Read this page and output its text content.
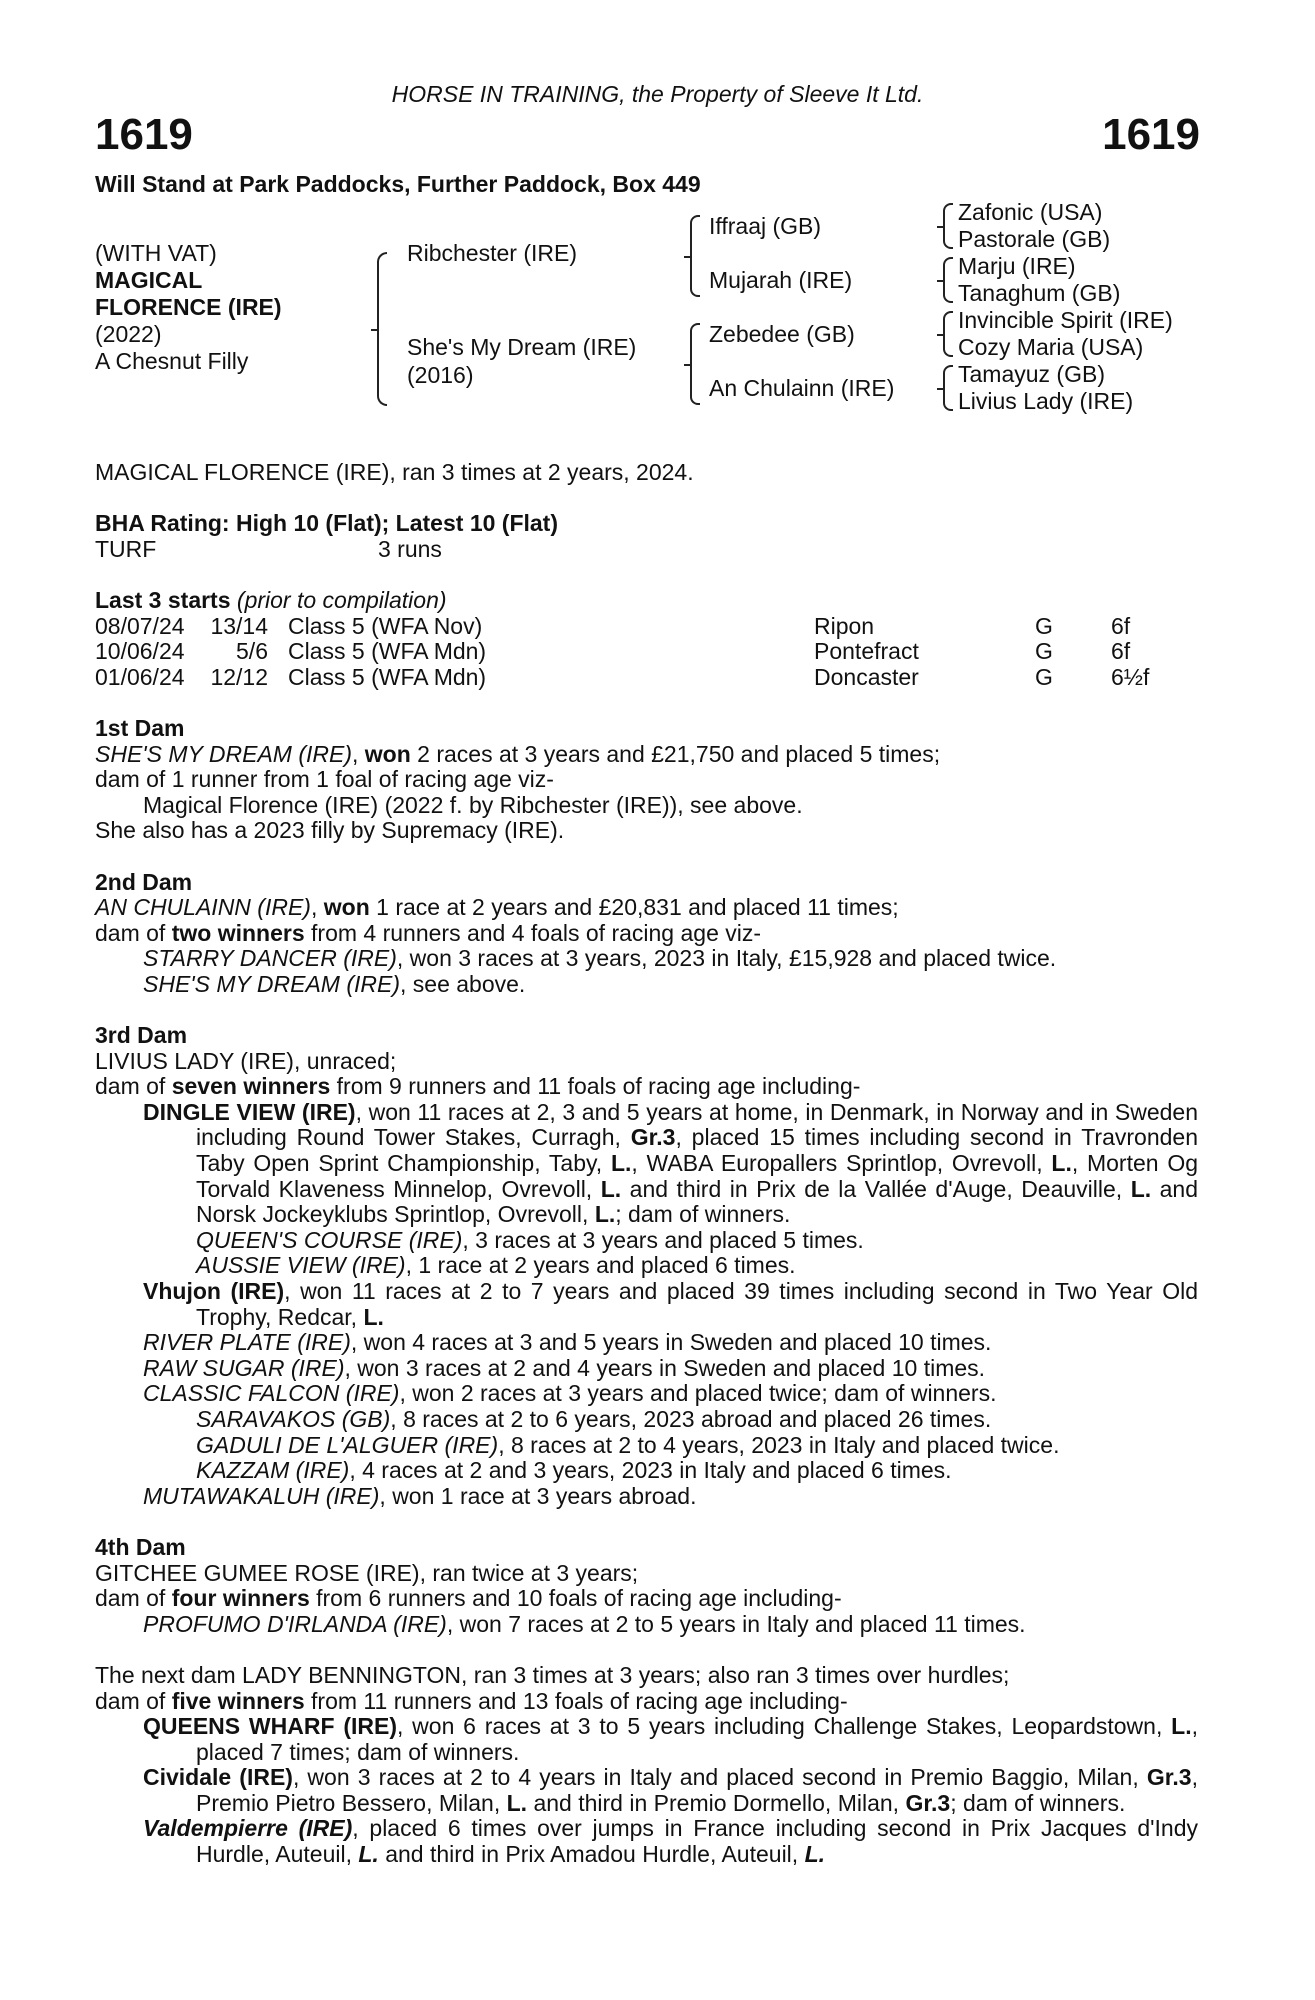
HORSE IN TRAINING, the Property of Sleeve It Ltd.
1619	1619
Will Stand at Park Paddocks, Further Paddock, Box 449
(WITH VAT)
MAGICAL
FLORENCE (IRE)
(2022)
A Chesnut Filly
Ribchester (IRE)
She's My Dream (IRE)
(2016)
Iffraaj (GB)
Mujarah (IRE)
Zebedee (GB)
An Chulainn (IRE)
Zafonic (USA)
Pastorale (GB)
Marju (IRE)
Tanaghum (GB)
Invincible Spirit (IRE)
Cozy Maria (USA)
Tamayuz (GB)
Livius Lady (IRE)
MAGICAL FLORENCE (IRE), ran 3 times at 2 years, 2024.
BHA Rating: High 10 (Flat); Latest 10 (Flat)
TURF	3 runs
Last 3 starts (prior to compilation)
08/07/24 13/14 Class 5 (WFA Nov)	Ripon	G	6f
10/06/24 5/6 Class 5 (WFA Mdn)	Pontefract	G	6f
01/06/24 12/12 Class 5 (WFA Mdn)	Doncaster	G	6½f
1st Dam
SHE'S MY DREAM (IRE), won 2 races at 3 years and £21,750 and placed 5 times;
dam of 1 runner from 1 foal of racing age viz-
Magical Florence (IRE) (2022 f. by Ribchester (IRE)), see above.
She also has a 2023 filly by Supremacy (IRE).
2nd Dam
AN CHULAINN (IRE), won 1 race at 2 years and £20,831 and placed 11 times;
dam of two winners from 4 runners and 4 foals of racing age viz-
STARRY DANCER (IRE), won 3 races at 3 years, 2023 in Italy, £15,928 and placed twice.
SHE'S MY DREAM (IRE), see above.
3rd Dam
LIVIUS LADY (IRE), unraced;
dam of seven winners from 9 runners and 11 foals of racing age including-
DINGLE VIEW (IRE), won 11 races at 2, 3 and 5 years at home, in Denmark, in Norway and in Sweden including Round Tower Stakes, Curragh, Gr.3, placed 15 times including second in Travronden Taby Open Sprint Championship, Taby, L., WABA Europallers Sprintlop, Ovrevoll, L., Morten Og Torvald Klaveness Minnelop, Ovrevoll, L. and third in Prix de la Vallée d'Auge, Deauville, L. and Norsk Jockeyklubs Sprintlop, Ovrevoll, L.; dam of winners.
QUEEN'S COURSE (IRE), 3 races at 3 years and placed 5 times.
AUSSIE VIEW (IRE), 1 race at 2 years and placed 6 times.
Vhujon (IRE), won 11 races at 2 to 7 years and placed 39 times including second in Two Year Old Trophy, Redcar, L.
RIVER PLATE (IRE), won 4 races at 3 and 5 years in Sweden and placed 10 times.
RAW SUGAR (IRE), won 3 races at 2 and 4 years in Sweden and placed 10 times.
CLASSIC FALCON (IRE), won 2 races at 3 years and placed twice; dam of winners.
SARAVAKOS (GB), 8 races at 2 to 6 years, 2023 abroad and placed 26 times.
GADULI DE L'ALGUER (IRE), 8 races at 2 to 4 years, 2023 in Italy and placed twice.
KAZZAM (IRE), 4 races at 2 and 3 years, 2023 in Italy and placed 6 times.
MUTAWAKALUH (IRE), won 1 race at 3 years abroad.
4th Dam
GITCHEE GUMEE ROSE (IRE), ran twice at 3 years;
dam of four winners from 6 runners and 10 foals of racing age including-
PROFUMO D'IRLANDA (IRE), won 7 races at 2 to 5 years in Italy and placed 11 times.
The next dam LADY BENNINGTON, ran 3 times at 3 years; also ran 3 times over hurdles;
dam of five winners from 11 runners and 13 foals of racing age including-
QUEENS WHARF (IRE), won 6 races at 3 to 5 years including Challenge Stakes, Leopardstown, L., placed 7 times; dam of winners.
Cividale (IRE), won 3 races at 2 to 4 years in Italy and placed second in Premio Baggio, Milan, Gr.3, Premio Pietro Bessero, Milan, L. and third in Premio Dormello, Milan, Gr.3; dam of winners.
Valdempierre (IRE), placed 6 times over jumps in France including second in Prix Jacques d'Indy Hurdle, Auteuil, L. and third in Prix Amadou Hurdle, Auteuil, L.
